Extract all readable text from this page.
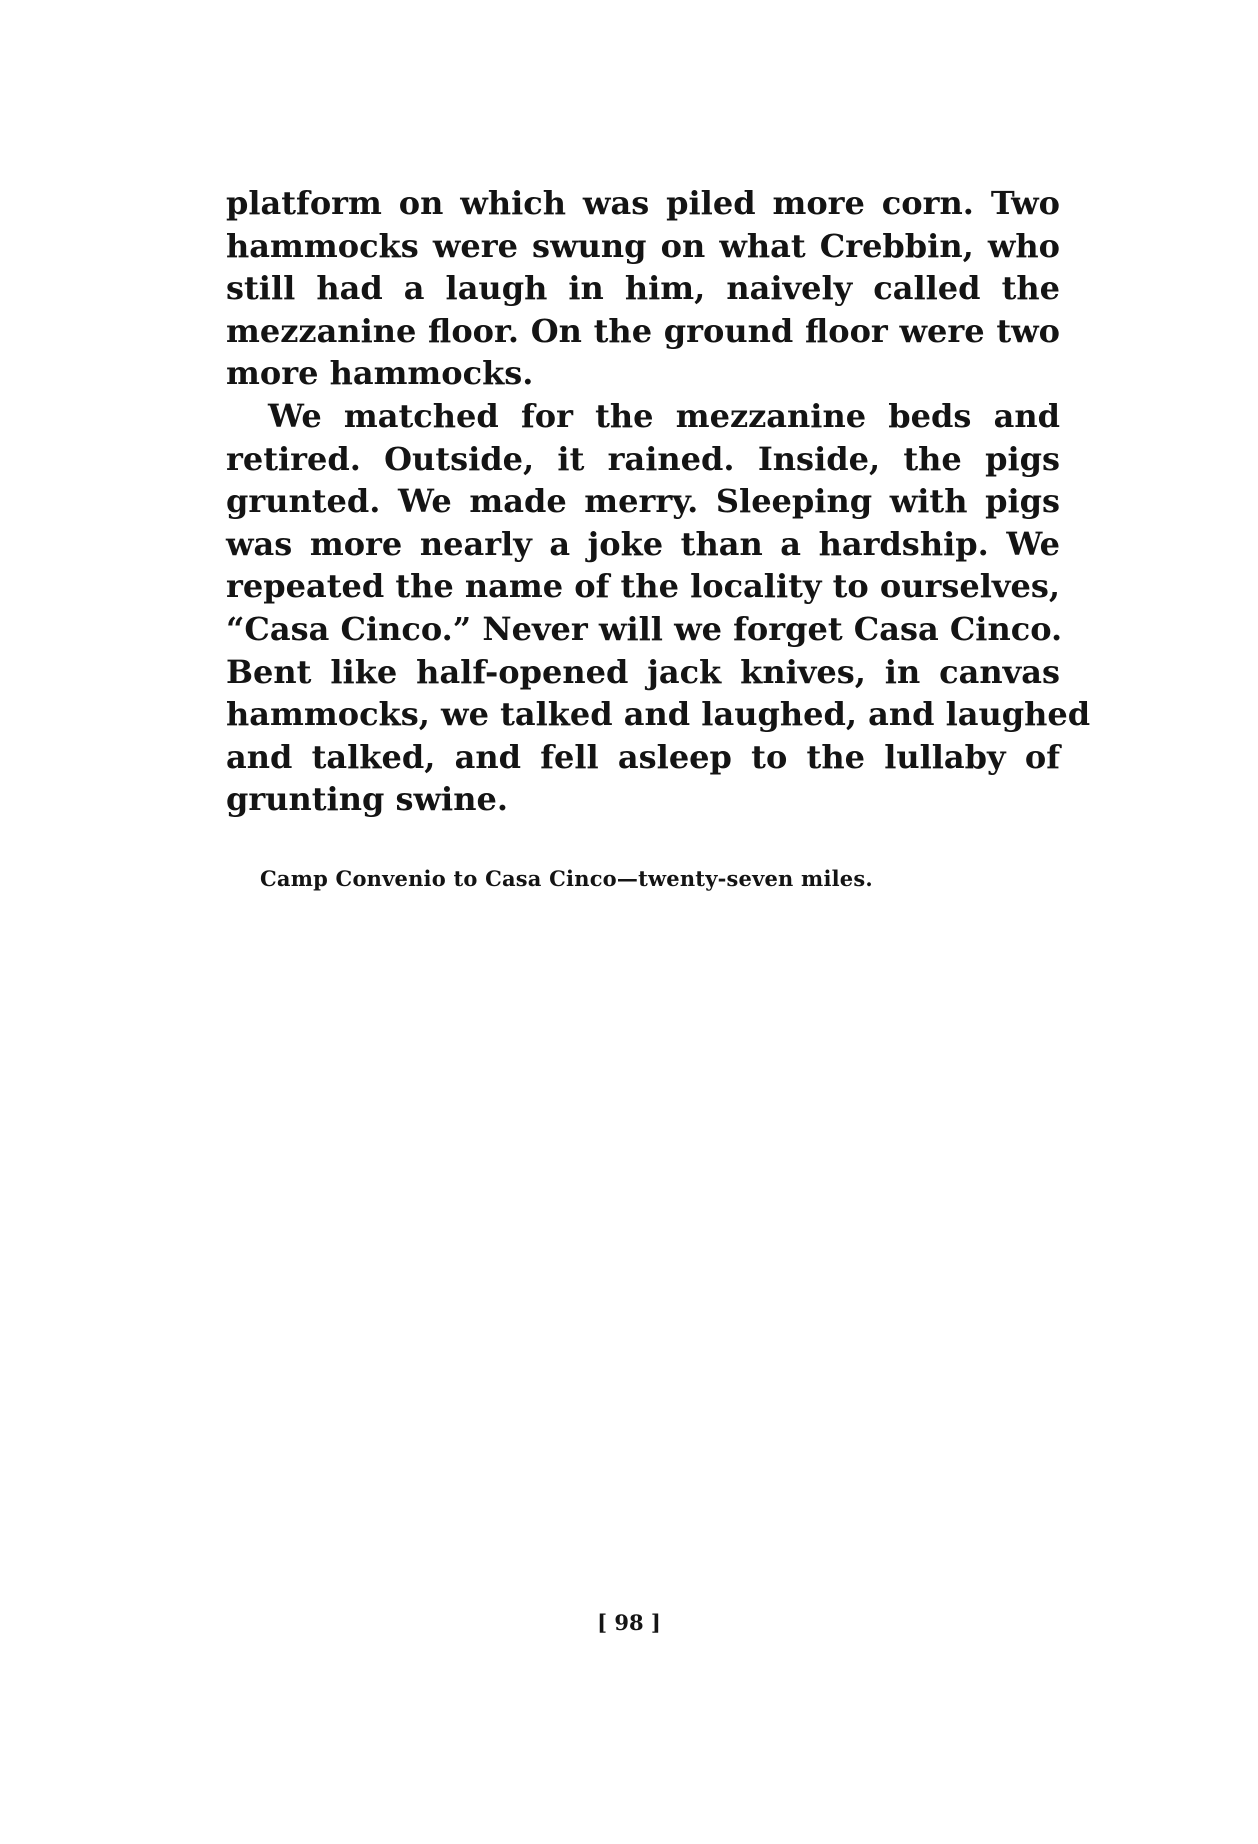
platform on which was piled more corn. Two
hammocks were swung on what Crebbin, who
still had a laugh in him, naively called the
mezzanine floor. On the ground floor were two
more hammocks.
We matched for the mezzanine beds and
retired. Outside, it rained. Inside, the pigs
grunted. We made merry. Sleeping with pigs
was more nearly a joke than a hardship. We
repeated the name of the locality to ourselves,
“Casa Cinco.” Never will we forget Casa Cinco.
Bent like half-opened jack knives, in canvas
hammocks, we talked and laughed, and laughed
and talked, and fell asleep to the lullaby of
grunting swine.
Camp Convenio to Casa Cinco—twenty-seven miles.
[ 98 ]
